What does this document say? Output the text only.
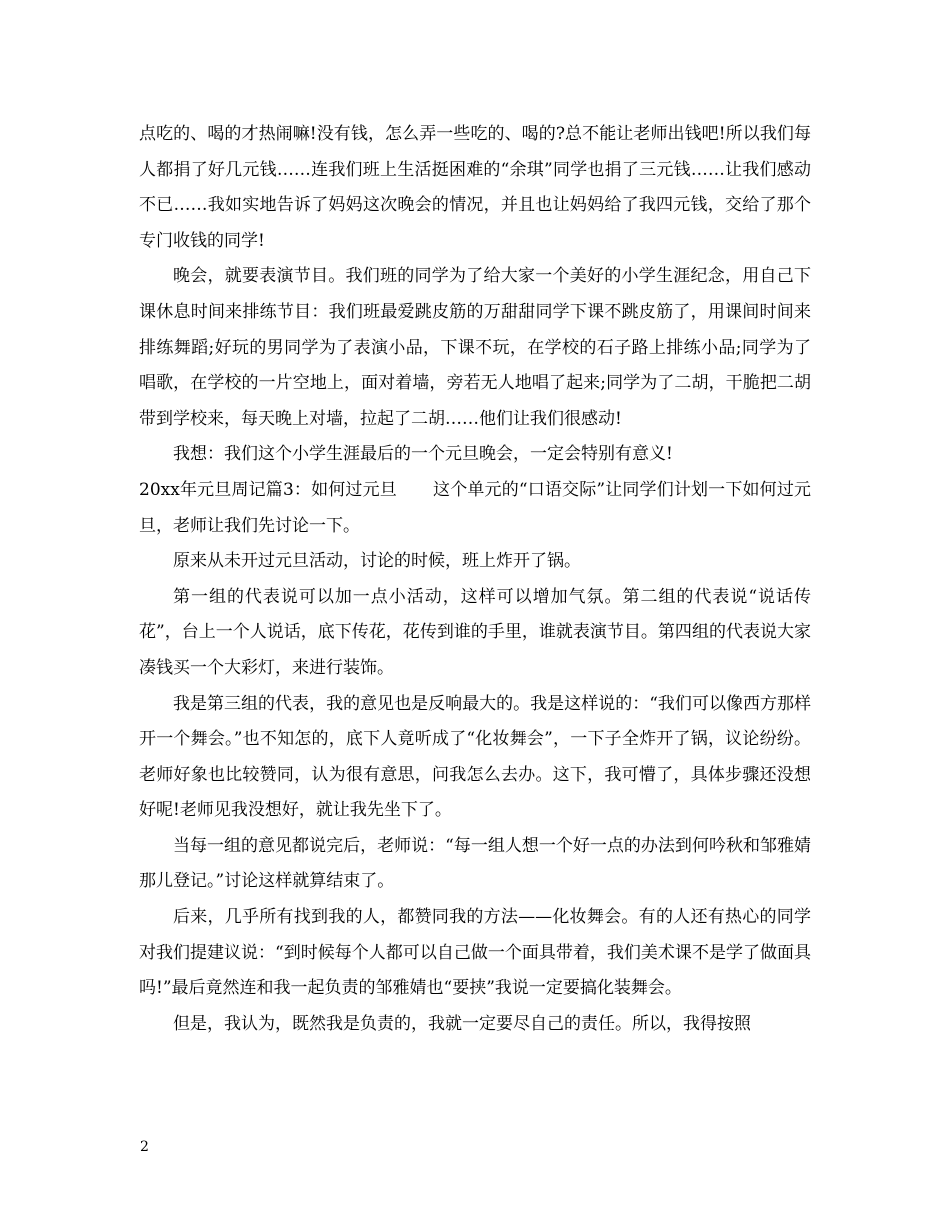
点吃的、喝的才热闹嘛!没有钱，怎么弄一些吃的、喝的?总不能让老师出钱吧!所以我们每人都捐了好几元钱……连我们班上生活挺困难的“余琪”同学也捐了三元钱……让我们感动不已……我如实地告诉了妈妈这次晚会的情况，并且也让妈妈给了我四元钱，交给了那个专门收钱的同学!

晚会，就要表演节目。我们班的同学为了给大家一个美好的小学生涯纪念，用自己下课休息时间来排练节目：我们班最爱跳皮筋的万甜甜同学下课不跳皮筋了，用课间时间来排练舞蹈;好玩的男同学为了表演小品，下课不玩，在学校的石子路上排练小品;同学为了唱歌，在学校的一片空地上，面对着墙，旁若无人地唱了起来;同学为了二胡，干脆把二胡带到学校来，每天晚上对墙，拉起了二胡……他们让我们很感动!

我想：我们这个小学生涯最后的一个元旦晚会，一定会特别有意义!

20xx年元旦周记篇3：如何过元旦 这个单元的“口语交际”让同学们计划一下如何过元旦，老师让我们先讨论一下。

原来从未开过元旦活动，讨论的时候，班上炸开了锅。

第一组的代表说可以加一点小活动，这样可以增加气氛。第二组的代表说“说话传花”，台上一个人说话，底下传花，花传到谁的手里，谁就表演节目。第四组的代表说大家凑钱买一个大彩灯，来进行装饰。

我是第三组的代表，我的意见也是反响最大的。我是这样说的：“我们可以像西方那样开一个舞会。”也不知怎的，底下人竟听成了“化妆舞会”，一下子全炸开了锅，议论纷纷。老师好象也比较赞同，认为很有意思，问我怎么去办。这下，我可懵了，具体步骤还没想好呢!老师见我没想好，就让我先坐下了。

当每一组的意见都说完后，老师说：“每一组人想一个好一点的办法到何吟秋和邹雅婧那儿登记。”讨论这样就算结束了。

后来，几乎所有找到我的人，都赞同我的方法——化妆舞会。有的人还有热心的同学对我们提建议说：“到时候每个人都可以自己做一个面具带着，我们美术课不是学了做面具吗!”最后竟然连和我一起负责的邹雅婧也“要挟”我说一定要搞化装舞会。

但是，我认为，既然我是负责的，我就一定要尽自己的责任。所以，我得按照

2
